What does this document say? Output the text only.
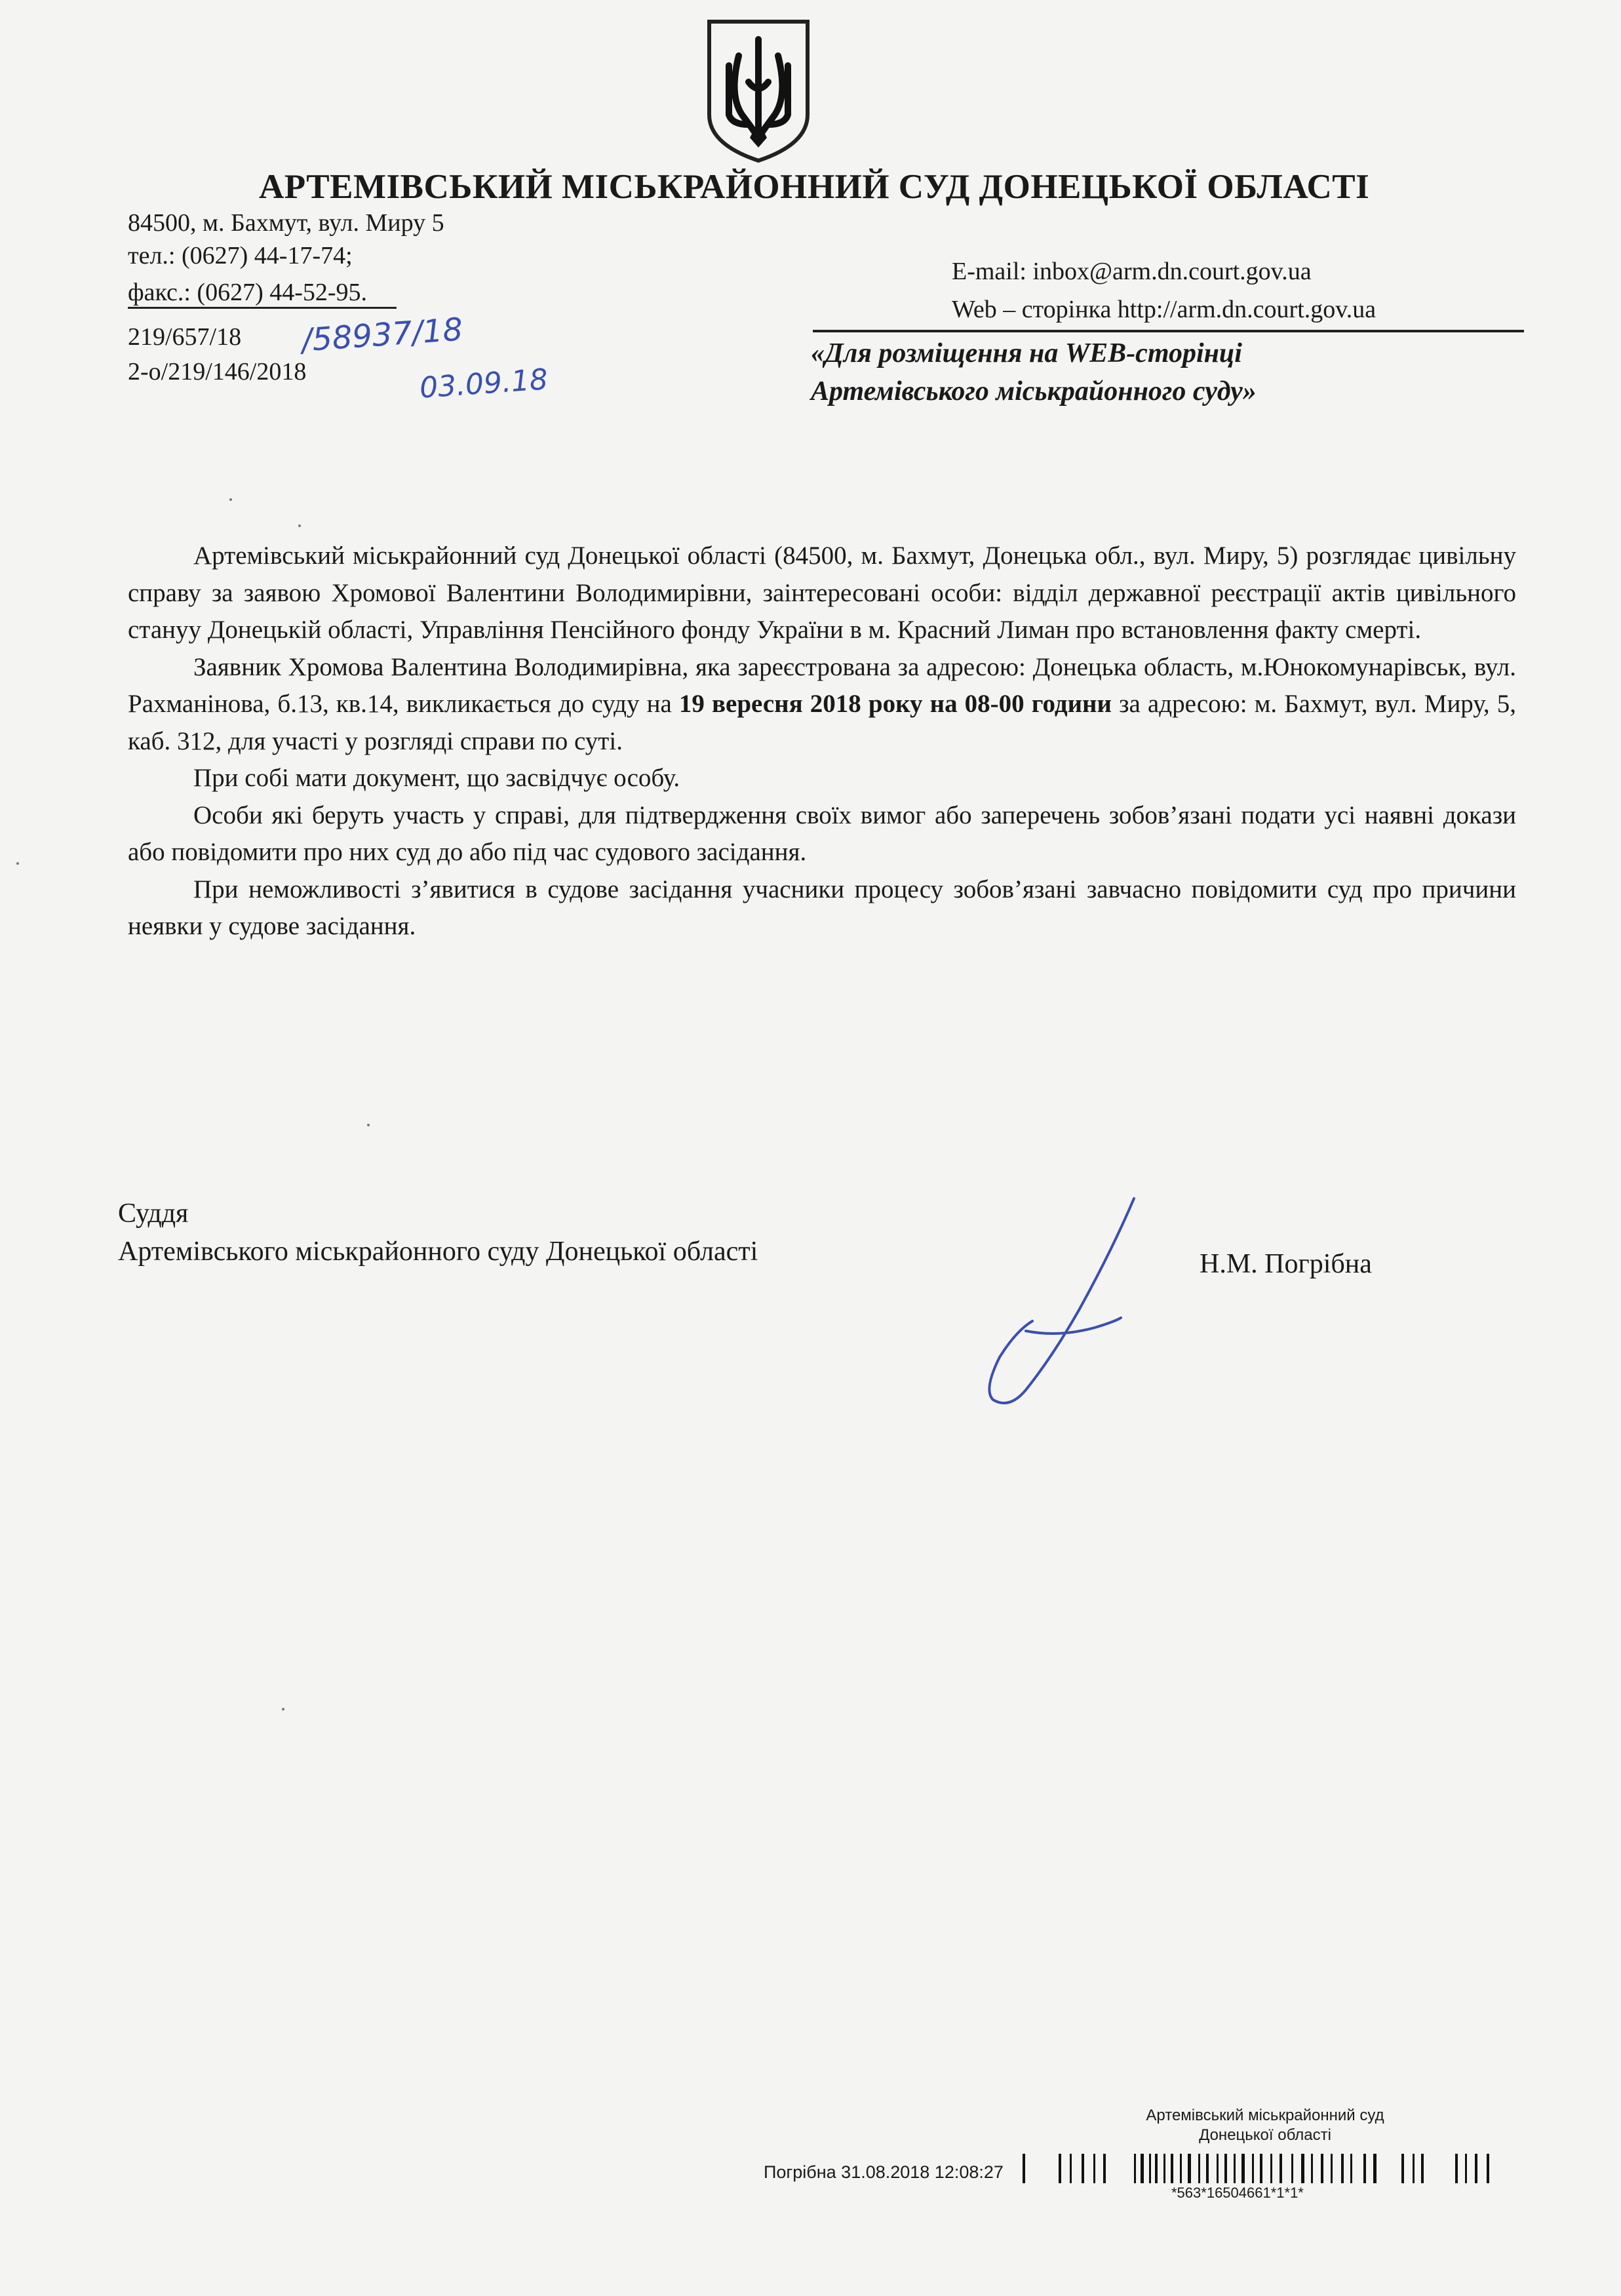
АРТЕМІВСЬКИЙ МІСЬКРАЙОННИЙ СУД ДОНЕЦЬКОЇ ОБЛАСТІ
84500, м. Бахмут, вул. Миру 5
тел.: (0627) 44-17-74;
факс.: (0627) 44-52-95.
E-mail: inbox@arm.dn.court.gov.ua
Web – сторінка http://arm.dn.court.gov.ua
219/657/18
2-о/219/146/2018
/58937/18
03.09.18
«Для розміщення на WEB-сторінці
Артемівського міськрайонного суду»

Артемівський міськрайонний суд Донецької області (84500, м. Бахмут, Донецька обл., вул. Миру, 5) розглядає цивільну справу за заявою Хромової Валентини Володимирівни, заінтересовані особи: відділ державної реєстрації актів цивільного стануу Донецькій області, Управління Пенсійного фонду України в м. Красний Лиман про встановлення факту смерті.

Заявник Хромова Валентина Володимирівна, яка зареєстрована за адресою: Донецька область, м.Юнокомунарівськ, вул. Рахманінова, б.13, кв.14, викликається до суду на 19 вересня 2018 року на 08-00 години за адресою: м. Бахмут, вул. Миру, 5, каб. 312, для участі у розгляді справи по суті.

При собі мати документ, що засвідчує особу.

Особи які беруть участь у справі, для підтвердження своїх вимог або заперечень зобов’язані подати усі наявні докази або повідомити про них суд до або під час судового засідання.

При неможливості з’явитися в судове засідання учасники процесу зобов’язані завчасно повідомити суд про причини неявки у судове засідання.

Суддя
Артемівського міськрайонного суду Донецької області	Н.М. Погрібна
Артемівський міськрайонний суд
Донецької області
Погрібна 31.08.2018 12:08:27
*563*16504661*1*1*
